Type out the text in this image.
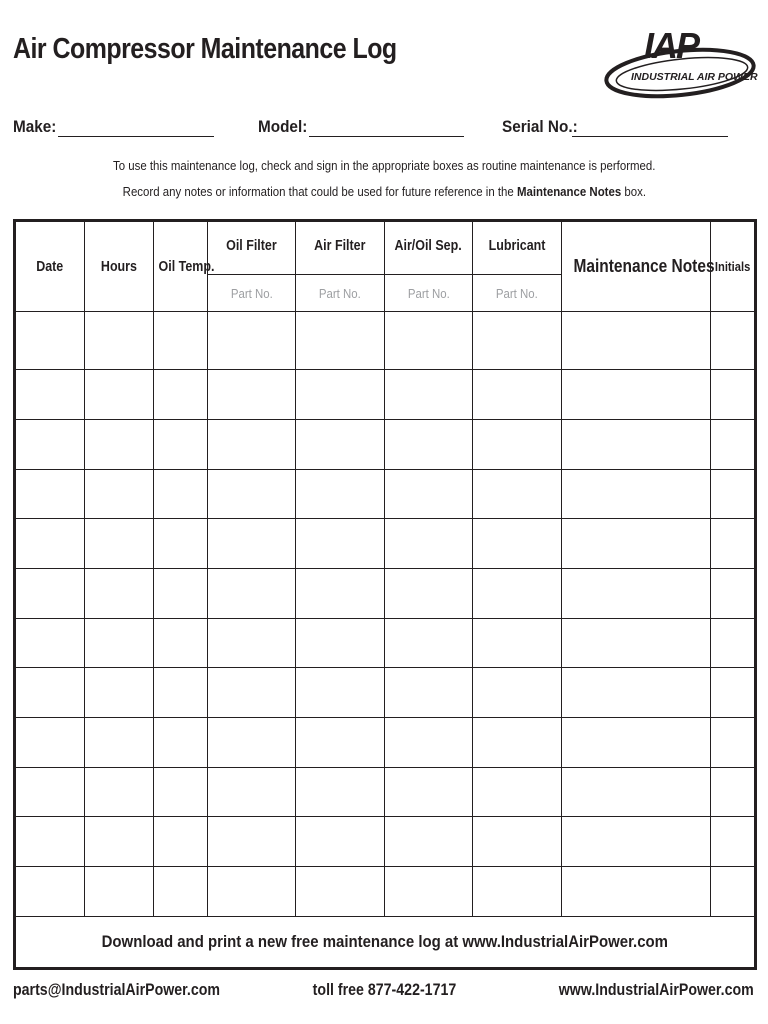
Air Compressor Maintenance Log	IAP
INDUSTRIAL AIR POWER
Make:	Model:	Serial No.:
To use this maintenance log, check and sign in the appropriate boxes as routine maintenance is performed.
Record any notes or information that could be used for future reference in the Maintenance Notes box.
Date	Hours	Oil Temp.	Oil Filter	Air Filter	Air/Oil Sep.	Lubricant	Maintenance Notes	Initials
			Part No.	Part No.	Part No.	Part No.		

Download and print a new free maintenance log at www.IndustrialAirPower.com								
parts@IndustrialAirPower.com	toll free 877-422-1717	www.IndustrialAirPower.com
